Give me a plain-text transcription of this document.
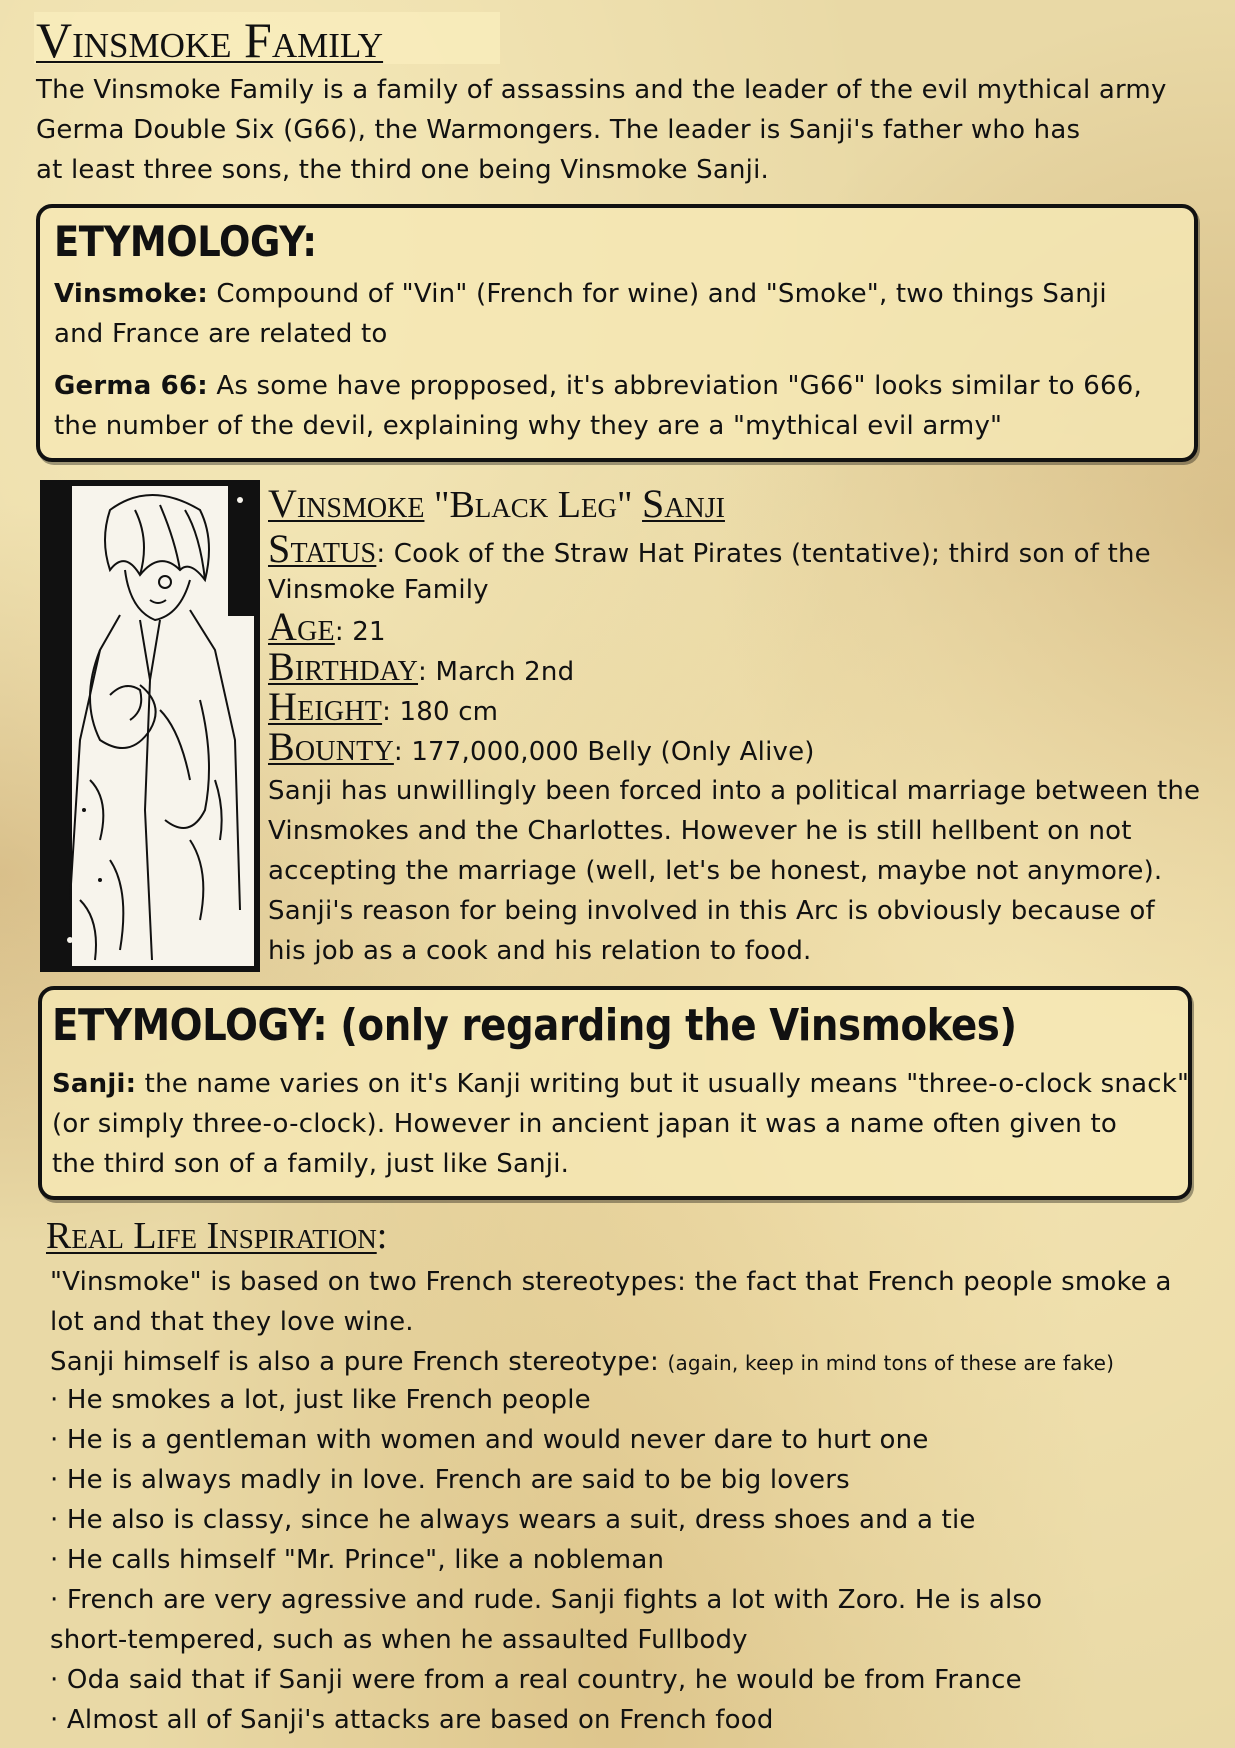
Vinsmoke Family
The Vinsmoke Family is a family of assassins and the leader of the evil mythical army
Germa Double Six (G66), the Warmongers. The leader is Sanji's father who has
at least three sons, the third one being Vinsmoke Sanji.
ETYMOLOGY:
Vinsmoke: Compound of "Vin" (French for wine) and "Smoke", two things Sanji
and France are related to
Germa 66: As some have propposed, it's abbreviation "G66" looks similar to 666,
the number of the devil, explaining why they are a "mythical evil army"
Vinsmoke "Black Leg" Sanji
Status: Cook of the Straw Hat Pirates (tentative); third son of the
Vinsmoke Family
Age: 21
Birthday: March 2nd
Height: 180 cm
Bounty: 177,000,000 Belly (Only Alive)
Sanji has unwillingly been forced into a political marriage between the
Vinsmokes and the Charlottes. However he is still hellbent on not
accepting the marriage (well, let's be honest, maybe not anymore).
Sanji's reason for being involved in this Arc is obviously because of
his job as a cook and his relation to food.
ETYMOLOGY: (only regarding the Vinsmokes)
Sanji: the name varies on it's Kanji writing but it usually means "three-o-clock snack"
(or simply three-o-clock). However in ancient japan it was a name often given to
the third son of a family, just like Sanji.
Real Life Inspiration:
"Vinsmoke" is based on two French stereotypes: the fact that French people smoke a
lot and that they love wine.
Sanji himself is also a pure French stereotype: (again, keep in mind tons of these are fake)
· He smokes a lot, just like French people
· He is a gentleman with women and would never dare to hurt one
· He is always madly in love. French are said to be big lovers
· He also is classy, since he always wears a suit, dress shoes and a tie
· He calls himself "Mr. Prince", like a nobleman
· French are very agressive and rude. Sanji fights a lot with Zoro. He is also
short-tempered, such as when he assaulted Fullbody
· Oda said that if Sanji were from a real country, he would be from France
· Almost all of Sanji's attacks are based on French food
